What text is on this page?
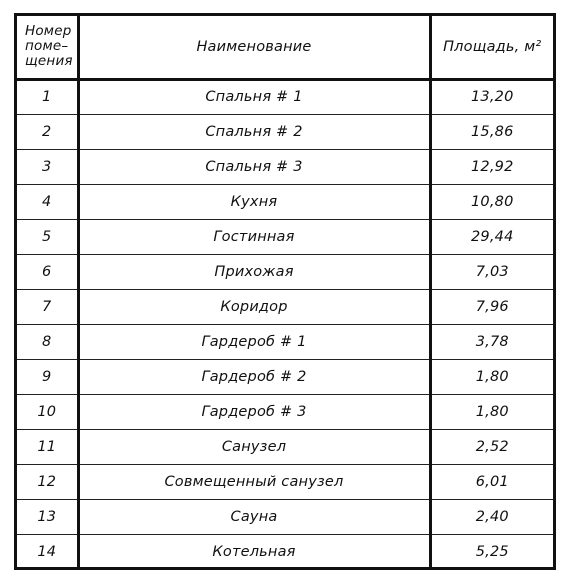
Номер
поме–
щения	Наименование	Площадь, м²
1	Спальня # 1	13,20
2	Спальня # 2	15,86
3	Спальня # 3	12,92
4	Кухня	10,80
5	Гостинная	29,44
6	Прихожая	7,03
7	Коридор	7,96
8	Гардероб # 1	3,78
9	Гардероб # 2	1,80
10	Гардероб # 3	1,80
11	Санузел	2,52
12	Совмещенный санузел	6,01
13	Сауна	2,40
14	Котельная	5,25
